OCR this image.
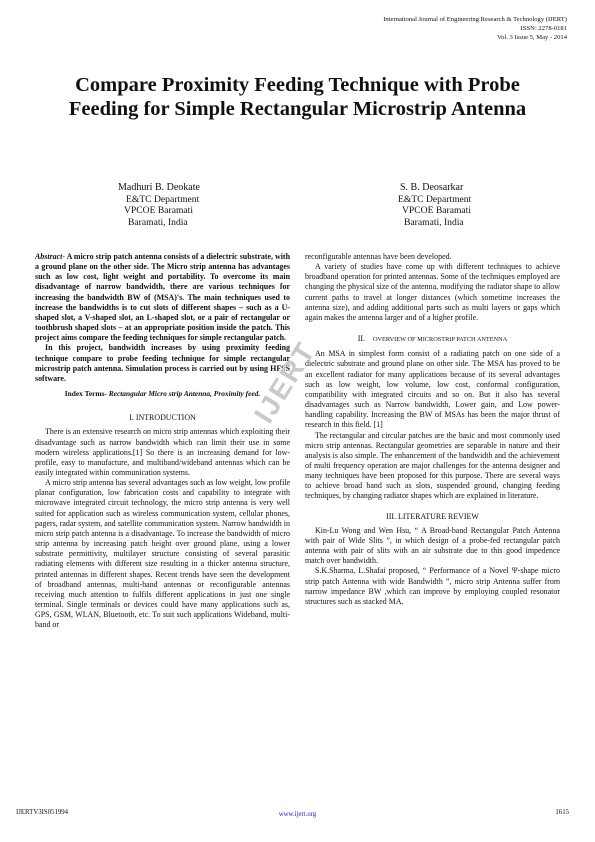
International Journal of Engineering Research & Technology (IJERT)
ISSN: 2278-0181
Vol. 3 Issue 5, May - 2014
Compare Proximity Feeding Technique with Probe Feeding for Simple Rectangular Microstrip Antenna
Madhuri B. Deokate
E&TC Department
VPCOE Baramati
Baramati, India
S. B. Deosarkar
E&TC Department
VPCOE Baramati
Baramati, India

Abstract- A micro strip patch antenna consists of a dielectric substrate, with a ground plane on the other side. The Micro strip antenna has advantages such as low cost, light weight and portability. To overcome its main disadvantage of narrow bandwidth, there are various techniques for increasing the bandwidth BW of (MSA)'s. The main techniques used to increase the bandwidths is to cut slots of different shapes – such as a U-shaped slot, a V-shaped slot, an L-shaped slot, or a pair of rectangular or toothbrush shaped slots – at an appropriate position inside the patch. This project aims compare the feeding techniques for simple rectangular patch.

In this project, bandwidth increases by using proximity feeding technique compare to probe feeding technique for simple rectangular microstrip patch antenna. Simulation process is carried out by using HFSS software.

Index Terms- Rectangular Micro strip Antenna, Proximity feed.

I. INTRODUCTION

There is an extensive research on micro strip antennas which exploiting their disadvantage such as narrow bandwidth which can limit their use in some modern wireless applications.[1] So there is an increasing demand for low-profile, easy to manufacture, and multiband/wideband antennas which can be easily integrated within communication systems.

A micro strip antenna has several advantages such as low weight, low profile planar configuration, low fabrication costs and capability to integrate with microwave integrated circuit technology, the micro strip antenna is very well suited for application such as wireless communication system, cellular phones, pagers, radar system, and satellite communication system. Narrow bandwidth in micro strip patch antenna is a disadvantage. To increase the bandwidth of micro strip antenna by increasing patch height over ground plane, using a lower substrate permittivity, multilayer structure consisting of several parasitic radiating elements with different size resulting in a thicker antenna structure, printed antennas in different shapes. Recent trends have seen the development of broadband antennas, multi-band antennas or reconfigurable antennas receiving much attention to fulfils different applications in just one single terminal. Single terminals or devices could have many applications such as, GPS, GSM, WLAN, Bluetooth, etc. To suit such applications Wideband, multi-band or

reconfigurable antennas have been developed.

A variety of studies have come up with different techniques to achieve broadband operation for printed antennas. Some of the techniques employed are changing the physical size of the antenna, modifying the radiator shape to allow current paths to travel at longer distances (which sometime increases the antenna size), and adding additional parts such as multi layers or gaps which again makes the antenna larger and of a higher profile.

II. OVERVIEW OF MICROSTRIP PATCH ANTENNA

An MSA in simplest form consist of a radiating patch on one side of a dielectric substrate and ground plane on other side. The MSA has proved to be an excellent radiator for many applications because of its several advantages such as low weight, low volume, low cost, conformal configuration, compatibility with integrated circuits and so on. But it also has several disadvantages such as Narrow bandwidth, Lower gain, and Low power-handling capability. Increasing the BW of MSAs has been the major thrust of research in this field. [1]

The rectangular and circular patches are the basic and most commonly used micro strip antennas. Rectangular geometries are separable in nature and their analysis is also simple. The enhancement of the bandwidth and the achievement of multi frequency operation are major challenges for the antenna designer and many techniques have been proposed for this purpose. There are several ways to achieve broad band such as slots, suspended ground, changing feeding techniques, by changing radiator shapes which are explained in literature.

III. LITERATURE REVIEW

Kin-Lu Wong and Wen Hsu, “ A Broad-band Rectangular Patch Antenna with pair of Wide Slits ”, in which design of a probe-fed rectangular patch antenna with pair of slits with an air substrate due to this good impedence match over bandwidth.

S.K.Sharma, L.Shafai proposed, “ Performance of a Novel Ψ-shape micro strip patch Antenna with wide Bandwidth ”, micro strip Antenna suffer from narrow impedance BW ,which can improve by employing coupled resonator structures such as stacked MA.

IJERT
IJERTV3IS051994	www.ijert.org	1615
